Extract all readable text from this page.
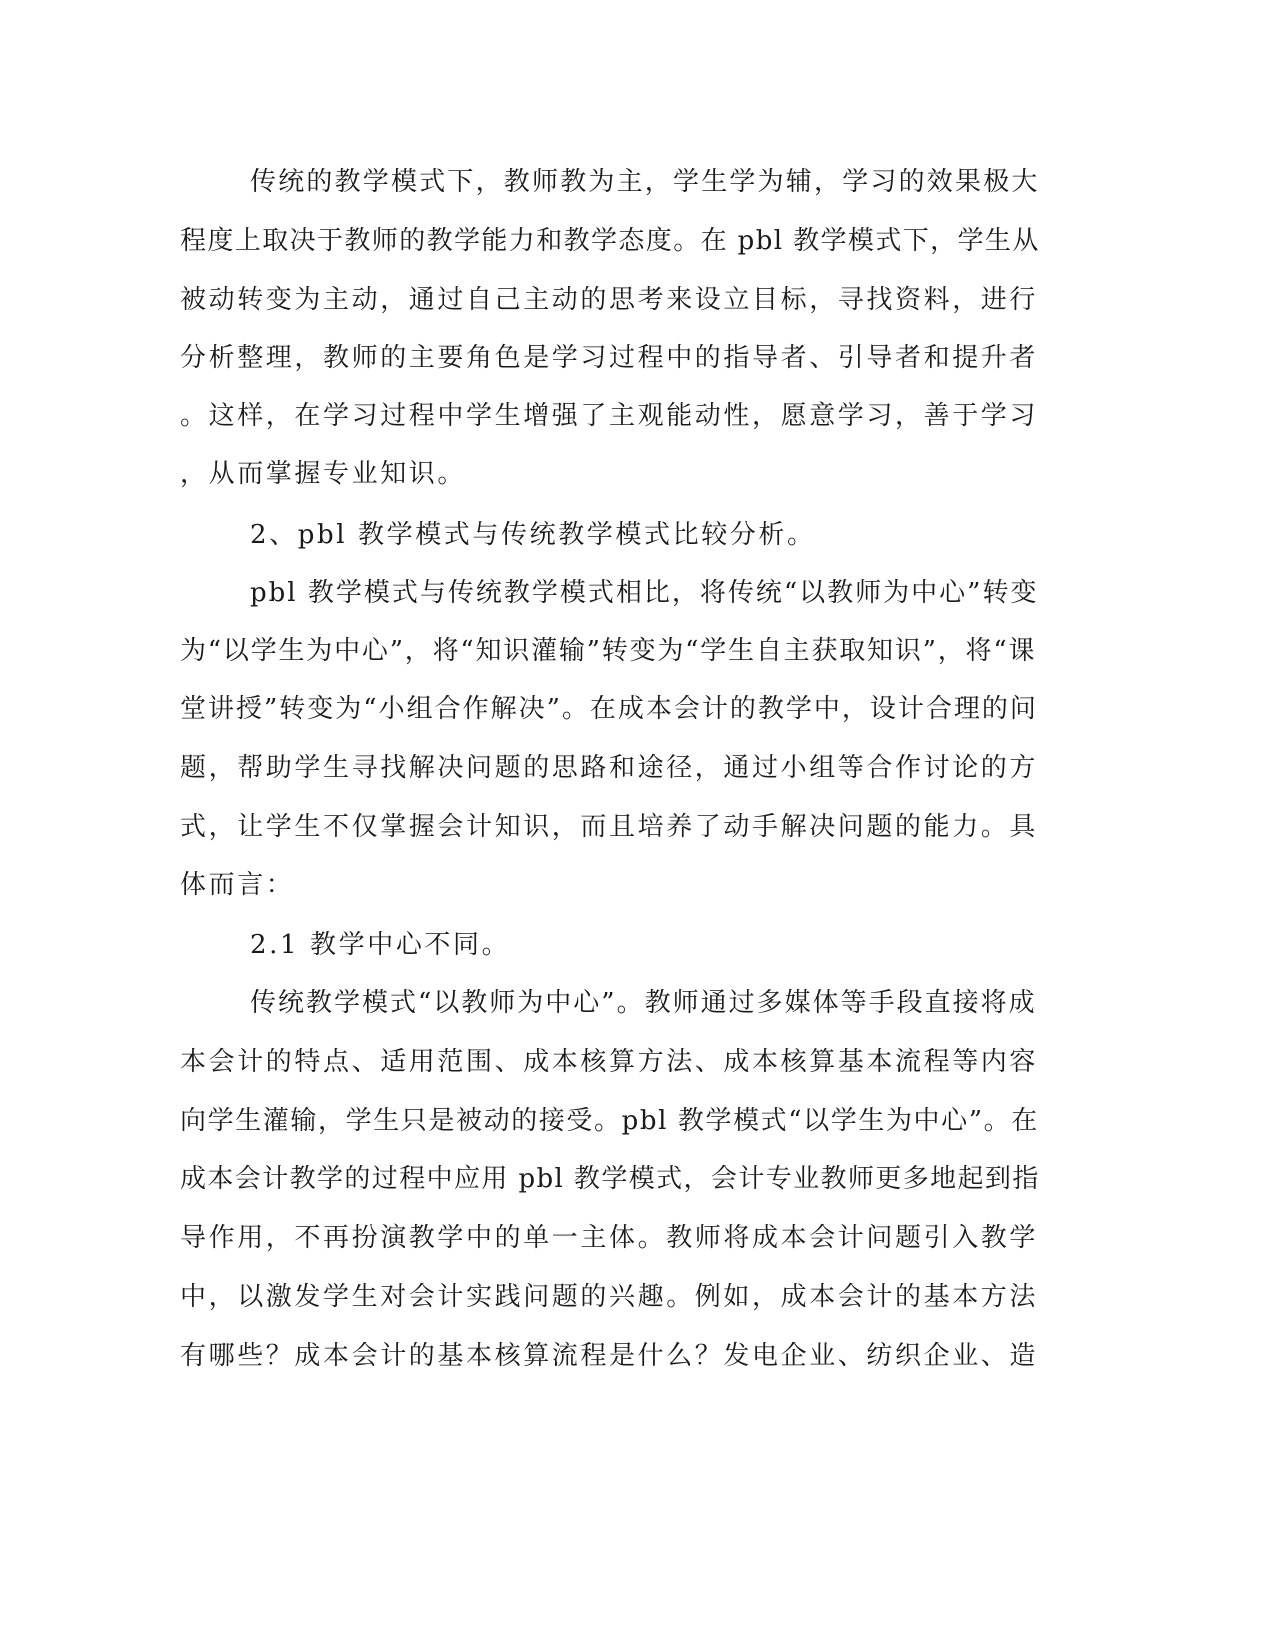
传统的教学模式下，教师教为主，学生学为辅，学习的效果极大
程度上取决于教师的教学能力和教学态度。在 pbl 教学模式下，学生从
被动转变为主动，通过自己主动的思考来设立目标，寻找资料，进行
分析整理，教师的主要角色是学习过程中的指导者、引导者和提升者
。这样，在学习过程中学生增强了主观能动性，愿意学习，善于学习
，从而掌握专业知识。
2、pbl 教学模式与传统教学模式比较分析。
pbl 教学模式与传统教学模式相比，将传统“以教师为中心”转变
为“以学生为中心”，将“知识灌输”转变为“学生自主获取知识”，将“课
堂讲授”转变为“小组合作解决”。在成本会计的教学中，设计合理的问
题，帮助学生寻找解决问题的思路和途径，通过小组等合作讨论的方
式，让学生不仅掌握会计知识，而且培养了动手解决问题的能力。具
体而言：
2.1 教学中心不同。
传统教学模式“以教师为中心”。教师通过多媒体等手段直接将成
本会计的特点、适用范围、成本核算方法、成本核算基本流程等内容
向学生灌输，学生只是被动的接受。pbl 教学模式“以学生为中心”。在
成本会计教学的过程中应用 pbl 教学模式，会计专业教师更多地起到指
导作用，不再扮演教学中的单一主体。教师将成本会计问题引入教学
中，以激发学生对会计实践问题的兴趣。例如，成本会计的基本方法
有哪些？成本会计的基本核算流程是什么？发电企业、纺织企业、造
